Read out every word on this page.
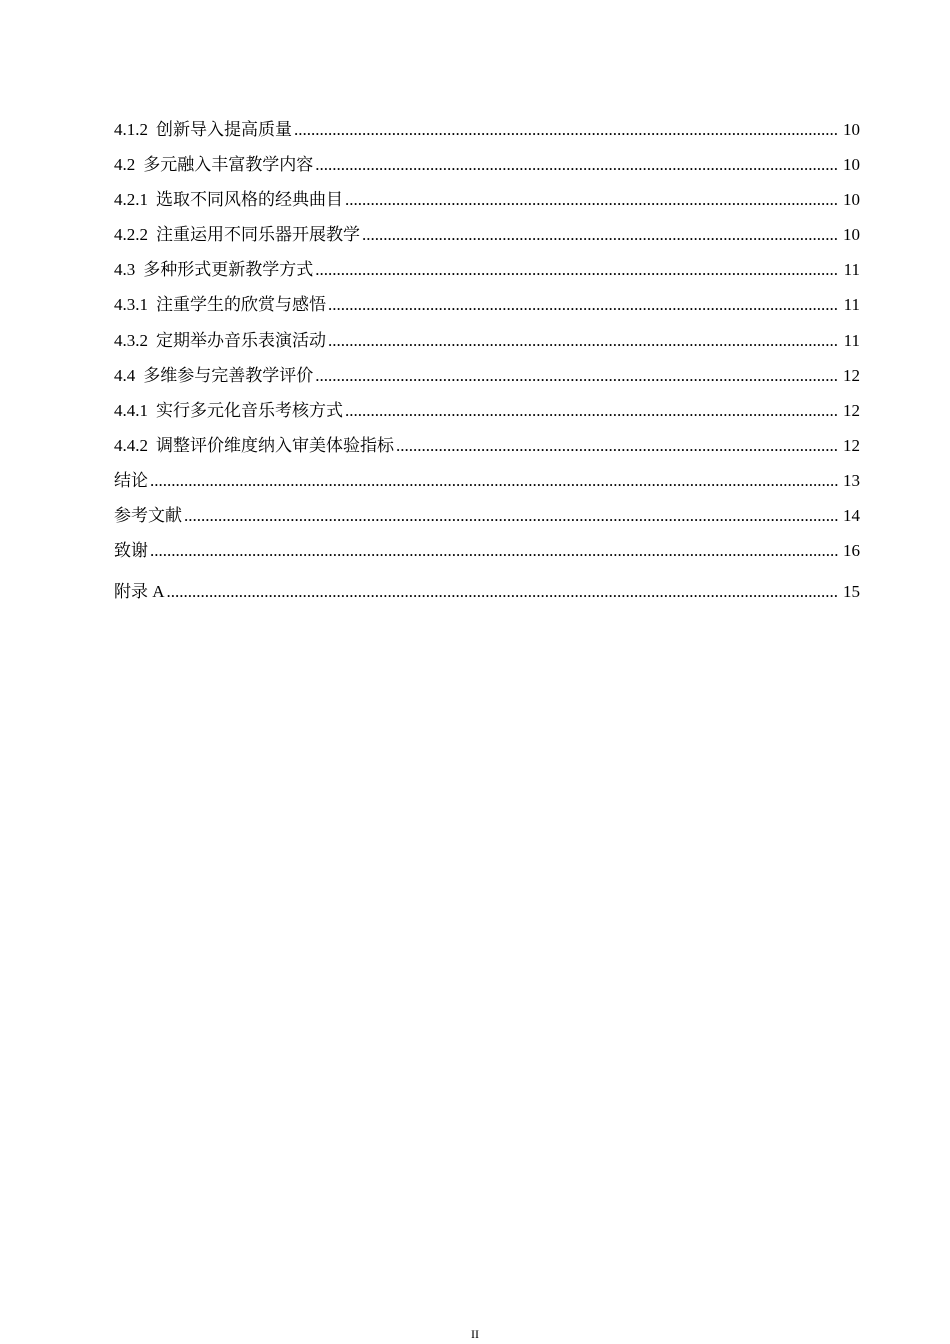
4.1.2 创新导入提高质量 .....	10
4.2 多元融入丰富教学内容 .....	10
4.2.1 选取不同风格的经典曲目 .....	10
4.2.2 注重运用不同乐器开展教学 .....	10
4.3 多种形式更新教学方式 .....	11
4.3.1 注重学生的欣赏与感悟 .....	11
4.3.2 定期举办音乐表演活动 .....	11
4.4 多维参与完善教学评价 .....	12
4.4.1 实行多元化音乐考核方式 .....	12
4.4.2 调整评价维度纳入审美体验指标 .....	12
结论 .....	13
参考文献 .....	14
致谢 .....	16
附录 A .....	15
II
